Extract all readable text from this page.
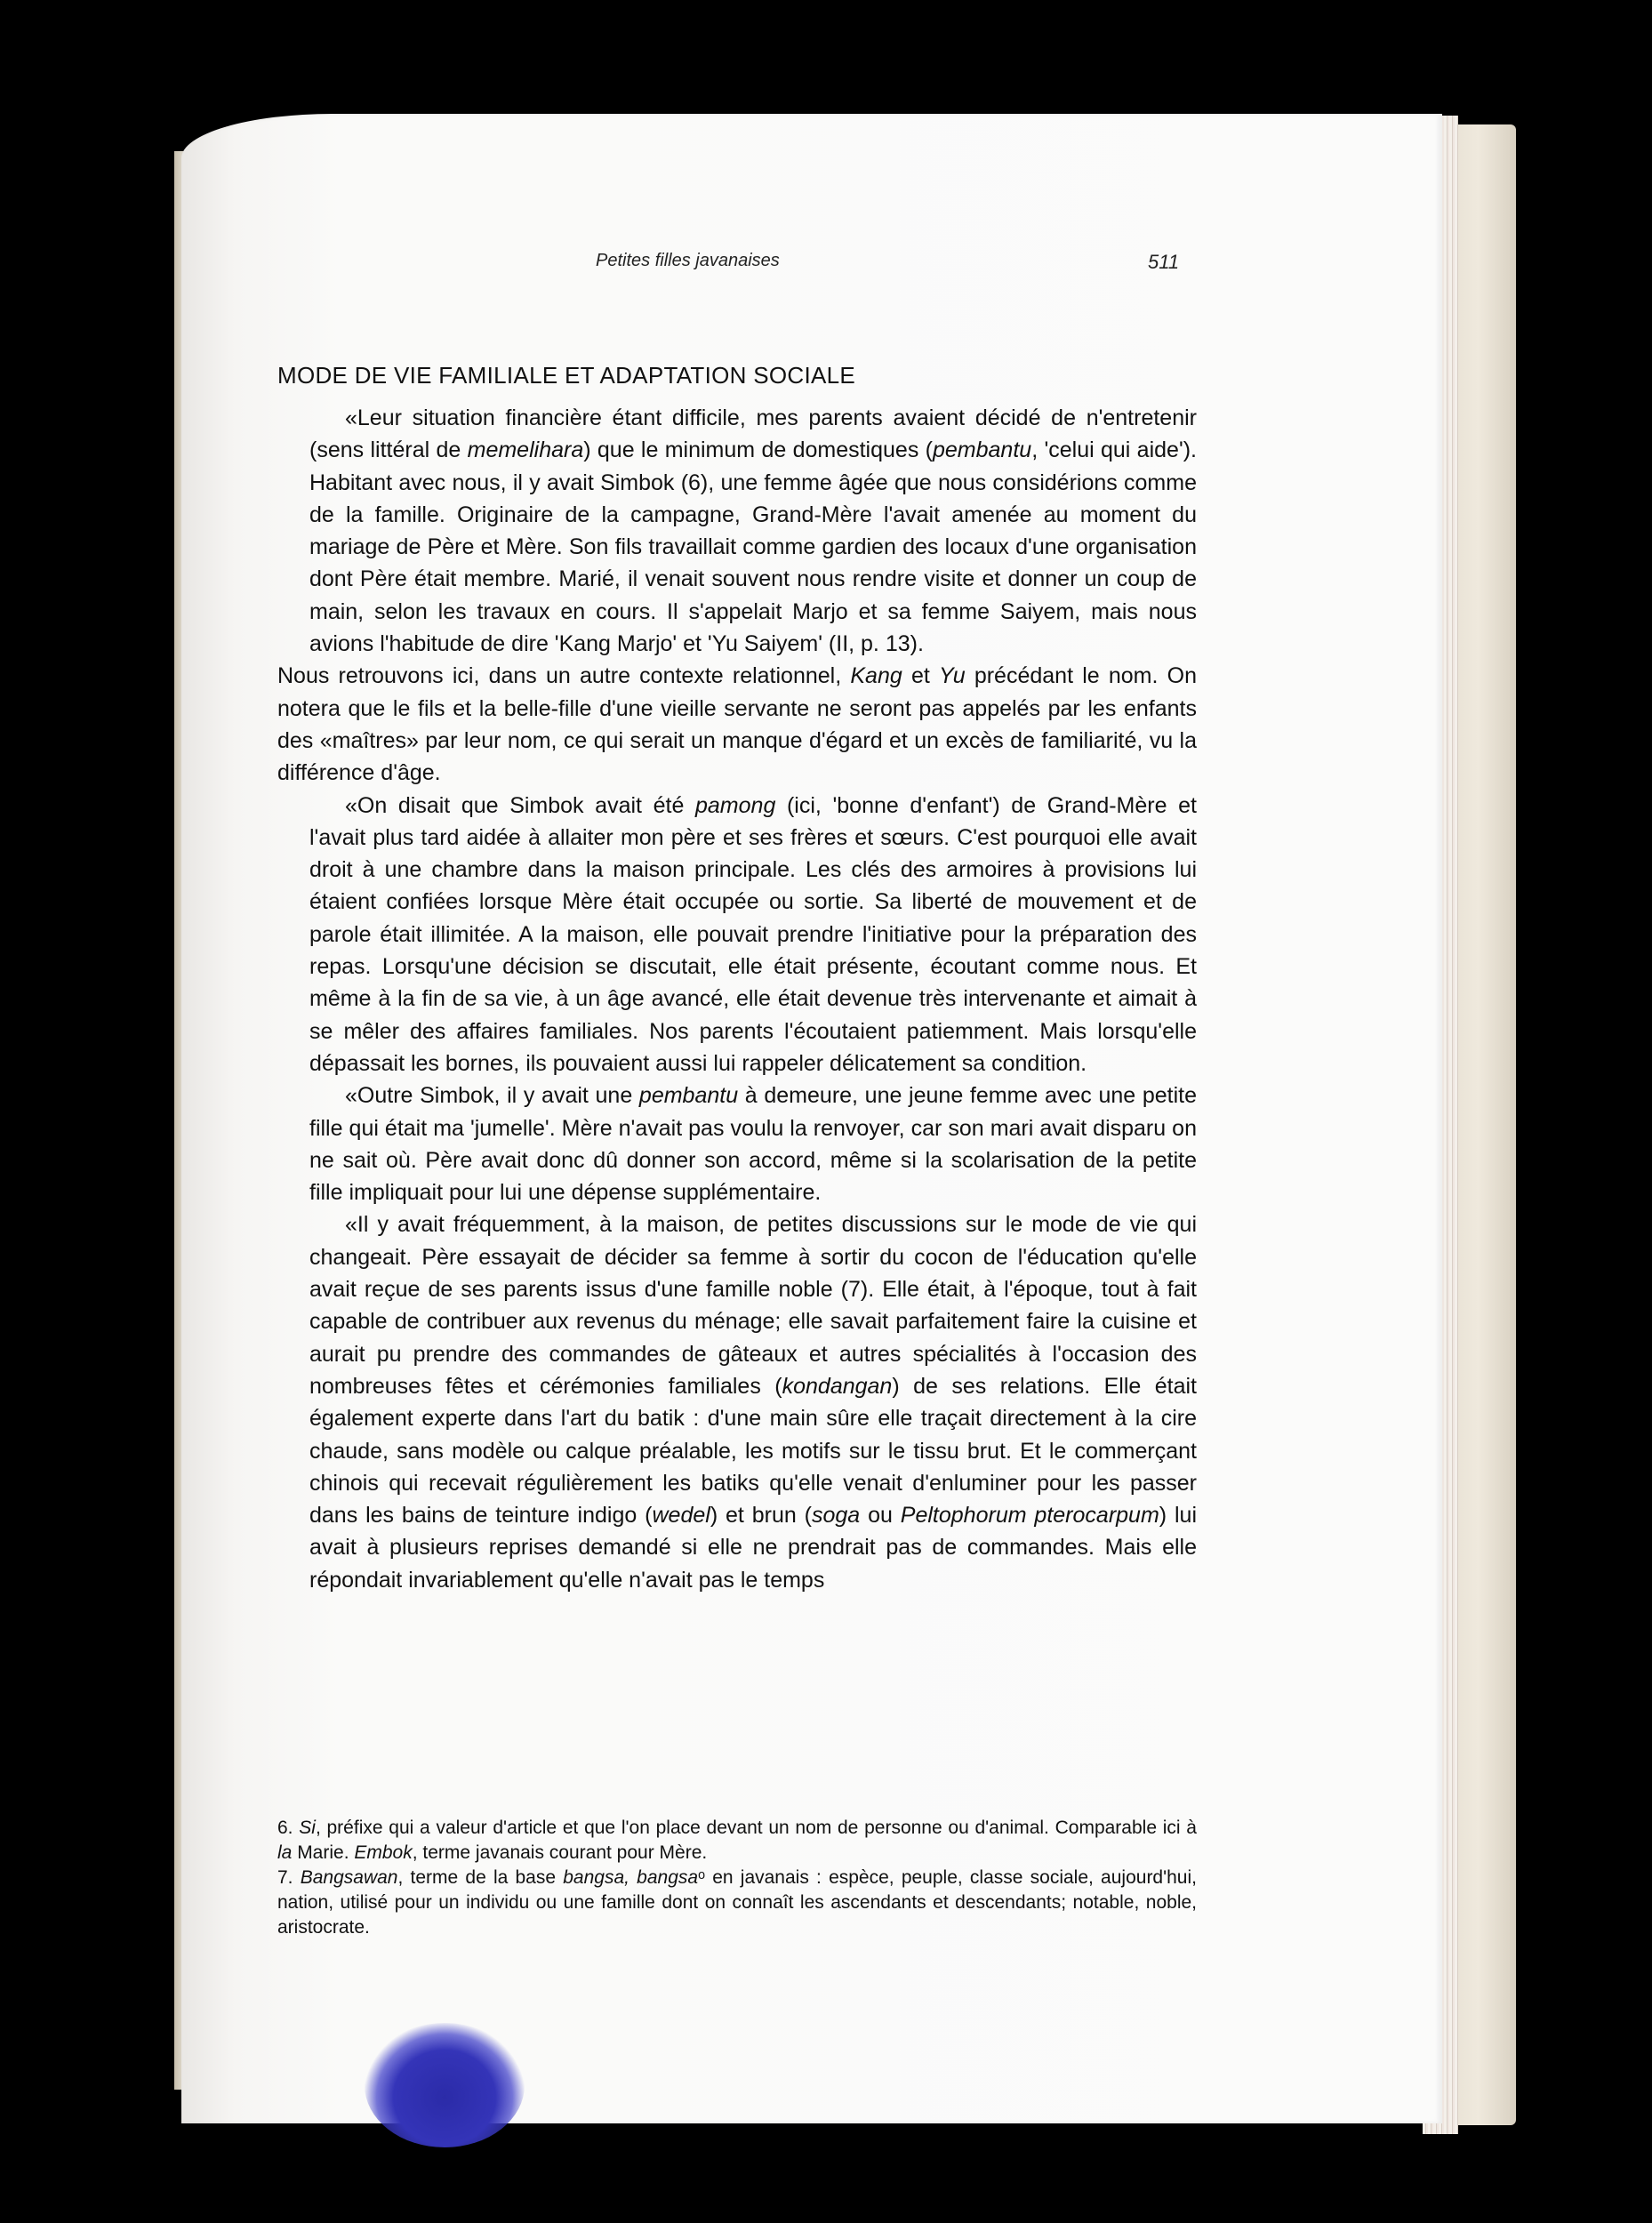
Petites filles javanaises	511
MODE DE VIE FAMILIALE ET ADAPTATION SOCIALE

«Leur situation financière étant difficile, mes parents avaient décidé de n'entretenir (sens littéral de memelihara) que le minimum de domestiques (pembantu, 'celui qui aide'). Habitant avec nous, il y avait Simbok (6), une femme âgée que nous considérions comme de la famille. Originaire de la campagne, Grand-Mère l'avait amenée au moment du mariage de Père et Mère. Son fils travaillait comme gardien des locaux d'une organisation dont Père était membre. Marié, il venait souvent nous rendre visite et donner un coup de main, selon les travaux en cours. Il s'appelait Marjo et sa femme Saiyem, mais nous avions l'habitude de dire 'Kang Marjo' et 'Yu Saiyem' (II, p. 13).

Nous retrouvons ici, dans un autre contexte relationnel, Kang et Yu précédant le nom. On notera que le fils et la belle-fille d'une vieille servante ne seront pas appelés par les enfants des «maîtres» par leur nom, ce qui serait un manque d'égard et un excès de familiarité, vu la différence d'âge.

«On disait que Simbok avait été pamong (ici, 'bonne d'enfant') de Grand-Mère et l'avait plus tard aidée à allaiter mon père et ses frères et sœurs. C'est pourquoi elle avait droit à une chambre dans la maison principale. Les clés des armoires à provisions lui étaient confiées lorsque Mère était occupée ou sortie. Sa liberté de mouvement et de parole était illimitée. A la maison, elle pouvait prendre l'initiative pour la préparation des repas. Lorsqu'une décision se discutait, elle était présente, écoutant comme nous. Et même à la fin de sa vie, à un âge avancé, elle était devenue très intervenante et aimait à se mêler des affaires familiales. Nos parents l'écoutaient patiemment. Mais lorsqu'elle dépassait les bornes, ils pouvaient aussi lui rappeler délicatement sa condition.

«Outre Simbok, il y avait une pembantu à demeure, une jeune femme avec une petite fille qui était ma 'jumelle'. Mère n'avait pas voulu la renvoyer, car son mari avait disparu on ne sait où. Père avait donc dû donner son accord, même si la scolarisation de la petite fille impliquait pour lui une dépense supplémentaire.

«Il y avait fréquemment, à la maison, de petites discussions sur le mode de vie qui changeait. Père essayait de décider sa femme à sortir du cocon de l'éducation qu'elle avait reçue de ses parents issus d'une famille noble (7). Elle était, à l'époque, tout à fait capable de contribuer aux revenus du ménage; elle savait parfaitement faire la cuisine et aurait pu prendre des commandes de gâteaux et autres spécialités à l'occasion des nombreuses fêtes et cérémonies familiales (kondangan) de ses relations. Elle était également experte dans l'art du batik : d'une main sûre elle traçait directement à la cire chaude, sans modèle ou calque préalable, les motifs sur le tissu brut. Et le commerçant chinois qui recevait régulièrement les batiks qu'elle venait d'enluminer pour les passer dans les bains de teinture indigo (wedel) et brun (soga ou Peltophorum pterocarpum) lui avait à plusieurs reprises demandé si elle ne prendrait pas de commandes. Mais elle répondait invariablement qu'elle n'avait pas le temps

6. Si, préfixe qui a valeur d'article et que l'on place devant un nom de personne ou d'animal. Comparable ici à la Marie. Embok, terme javanais courant pour Mère.

7. Bangsawan, terme de la base bangsa, bangsaᵒ en javanais : espèce, peuple, classe sociale, aujourd'hui, nation, utilisé pour un individu ou une famille dont on connaît les ascendants et descendants; notable, noble, aristocrate.
